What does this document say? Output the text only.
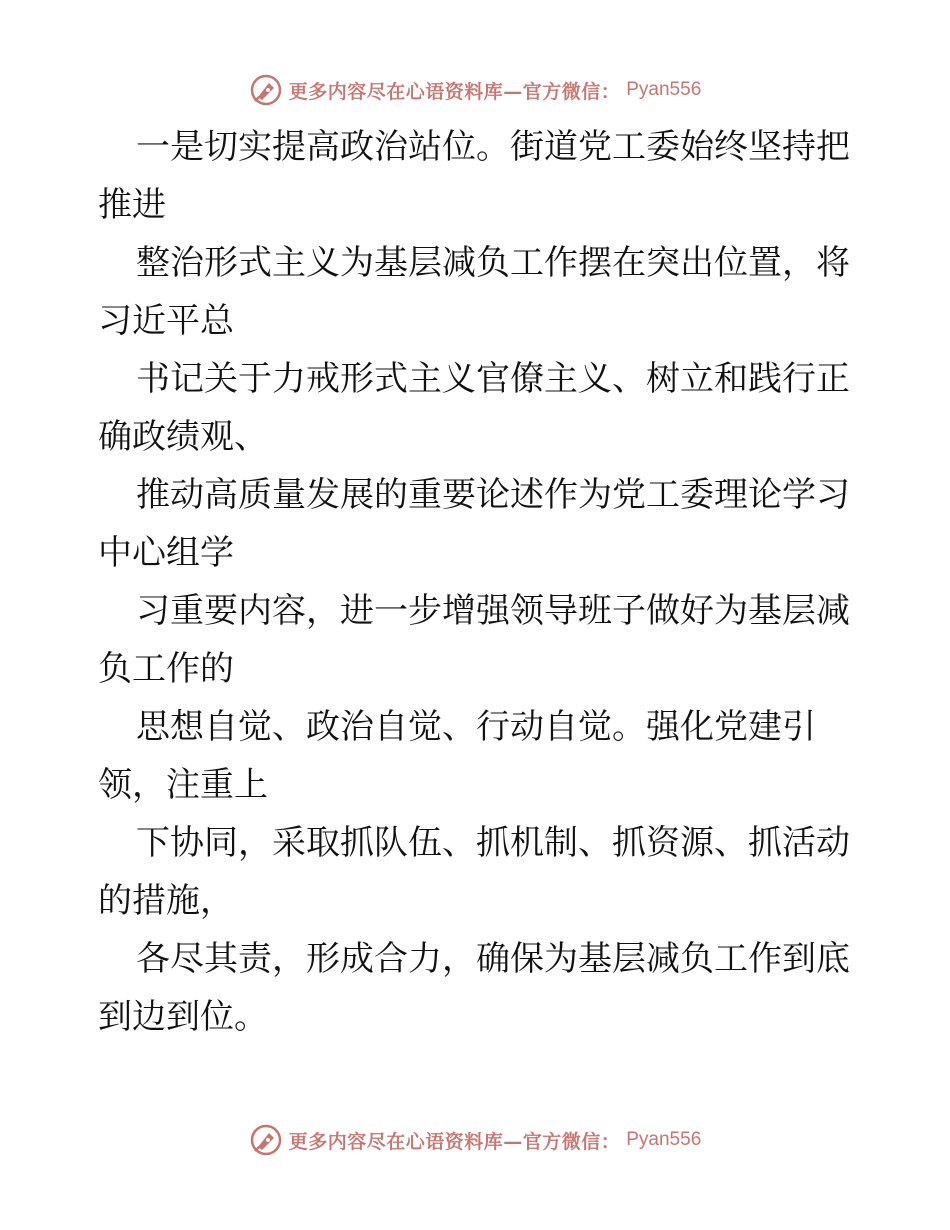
更多内容尽在心语资料库—官方微信： Pyan556
一是切实提高政治站位。街道党工委始终坚持把
推进
整治形式主义为基层减负工作摆在突出位置，将
习近平总
书记关于力戒形式主义官僚主义、树立和践行正
确政绩观、
推动高质量发展的重要论述作为党工委理论学习
中心组学
习重要内容，进一步增强领导班子做好为基层减
负工作的
思想自觉、政治自觉、行动自觉。强化党建引
领，注重上
下协同，采取抓队伍、抓机制、抓资源、抓活动
的措施，
各尽其责，形成合力，确保为基层减负工作到底
到边到位。
更多内容尽在心语资料库—官方微信： Pyan556
